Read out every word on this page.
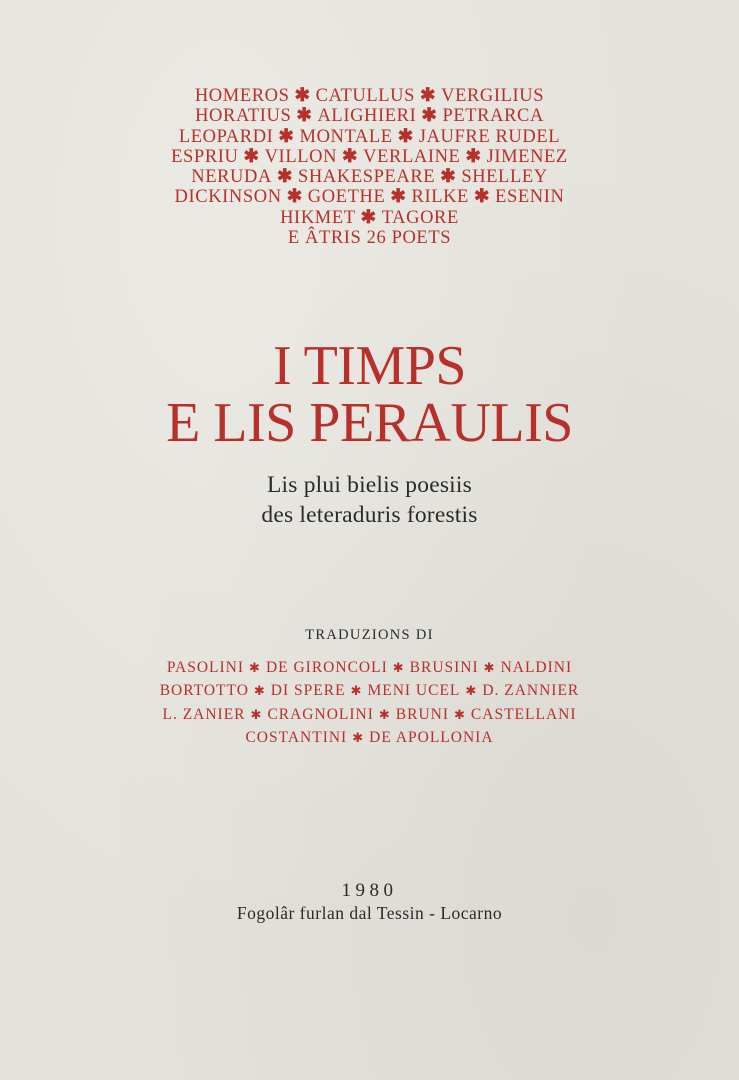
HOMEROS ✱ CATULLUS ✱ VERGILIUS
HORATIUS ✱ ALIGHIERI ✱ PETRARCA
LEOPARDI ✱ MONTALE ✱ JAUFRE RUDEL
ESPRIU ✱ VILLON ✱ VERLAINE ✱ JIMENEZ
NERUDA ✱ SHAKESPEARE ✱ SHELLEY
DICKINSON ✱ GOETHE ✱ RILKE ✱ ESENIN
HIKMET ✱ TAGORE
E ÂTRIS 26 POETS
I TIMPS
E LIS PERAULIS
Lis plui bielis poesiis
des leteraduris forestis
TRADUZIONS DI
PASOLINI ✱ DE GIRONCOLI ✱ BRUSINI ✱ NALDINI
BORTOTTO ✱ DI SPERE ✱ MENI UCEL ✱ D. ZANNIER
L. ZANIER ✱ CRAGNOLINI ✱ BRUNI ✱ CASTELLANI
COSTANTINI ✱ DE APOLLONIA
1980
Fogolâr furlan dal Tessin - Locarno
